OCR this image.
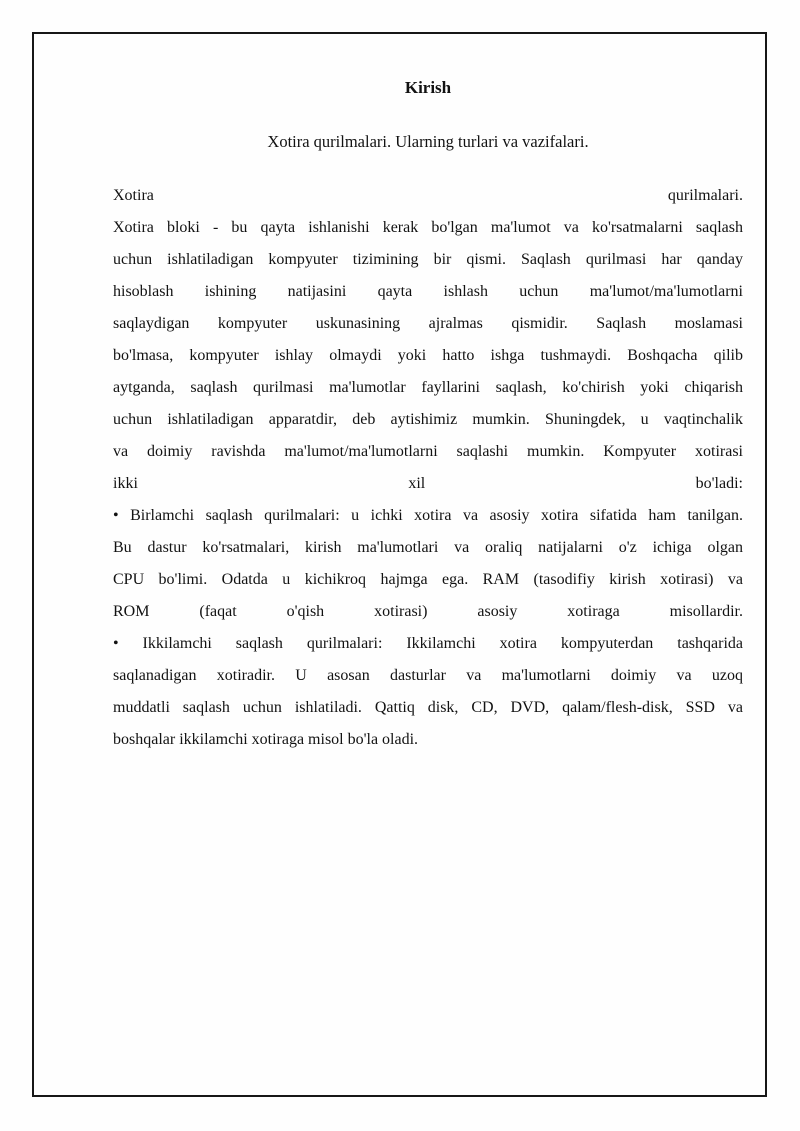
Kirish
Xotira qurilmalari. Ularning turlari va vazifalari.
Xotira qurilmalari.
Xotira bloki - bu qayta ishlanishi kerak bo'lgan ma'lumot va ko'rsatmalarni saqlash
uchun ishlatiladigan kompyuter tizimining bir qismi. Saqlash qurilmasi har qanday
hisoblash ishining natijasini qayta ishlash uchun ma'lumot/ma'lumotlarni
saqlaydigan kompyuter uskunasining ajralmas qismidir. Saqlash moslamasi
bo'lmasa, kompyuter ishlay olmaydi yoki hatto ishga tushmaydi. Boshqacha qilib
aytganda, saqlash qurilmasi ma'lumotlar fayllarini saqlash, ko'chirish yoki chiqarish
uchun ishlatiladigan apparatdir, deb aytishimiz mumkin. Shuningdek, u vaqtinchalik
va doimiy ravishda ma'lumot/ma'lumotlarni saqlashi mumkin. Kompyuter xotirasi
ikki xil bo'ladi:
• Birlamchi saqlash qurilmalari: u ichki xotira va asosiy xotira sifatida ham tanilgan.
Bu dastur ko'rsatmalari, kirish ma'lumotlari va oraliq natijalarni o'z ichiga olgan
CPU bo'limi. Odatda u kichikroq hajmga ega. RAM (tasodifiy kirish xotirasi) va
ROM (faqat o'qish xotirasi) asosiy xotiraga misollardir.
• Ikkilamchi saqlash qurilmalari: Ikkilamchi xotira kompyuterdan tashqarida
saqlanadigan xotiradir. U asosan dasturlar va ma'lumotlarni doimiy va uzoq
muddatli saqlash uchun ishlatiladi. Qattiq disk, CD, DVD, qalam/flesh-disk, SSD va
boshqalar ikkilamchi xotiraga misol bo'la oladi.
